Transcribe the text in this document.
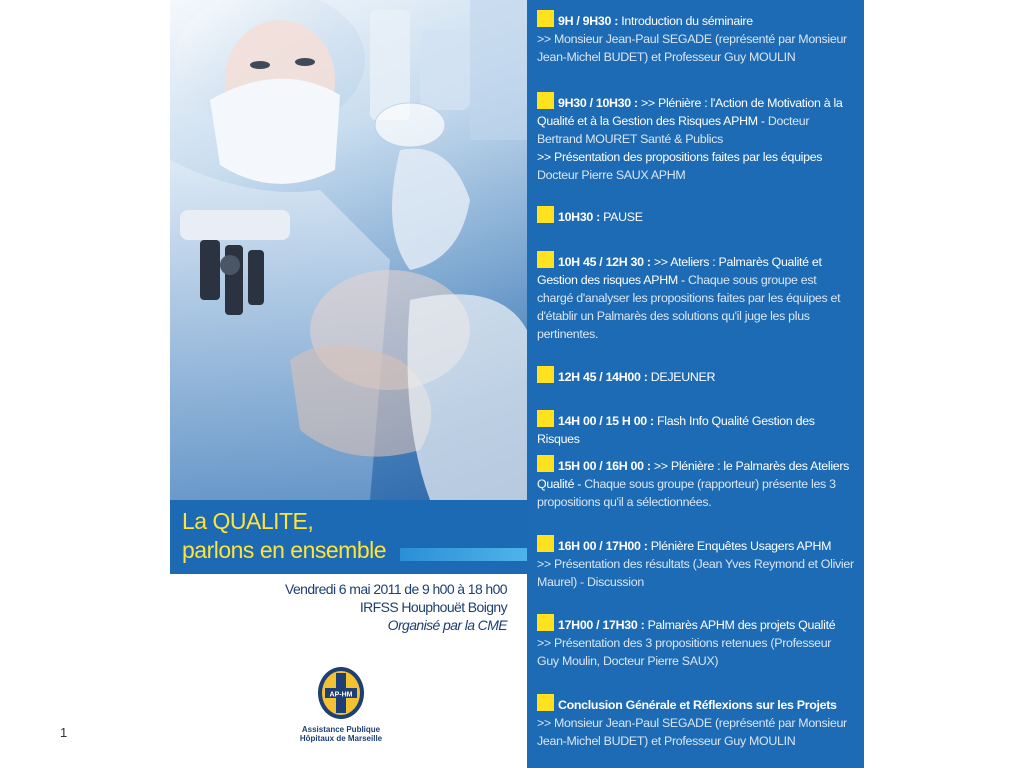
La QUALITE,
parlons en ensemble
Vendredi 6 mai 2011 de 9 h00 à 18 h00
IRFSS Houphouët Boigny
Organisé par la CME
AP-HM
Assistance Publique
Hôpitaux de Marseille

9H / 9H30 : Introduction du séminaire

>> Monsieur Jean-Paul SEGADE (représenté par Monsieur Jean-Michel BUDET) et Professeur Guy MOULIN

9H30 / 10H30 : >> Plénière : l'Action de Motivation à la Qualité et à la Gestion des Risques APHM - Docteur Bertrand MOURET Santé & Publics

>> Présentation des propositions faites par les équipes

Docteur Pierre SAUX APHM

10H30 : PAUSE

10H 45 / 12H 30 : >> Ateliers : Palmarès Qualité et Gestion des risques APHM - Chaque sous groupe est chargé d'analyser les propositions faites par les équipes et d'établir un Palmarès des solutions qu'il juge les plus pertinentes.

12H 45 / 14H00 : DEJEUNER

14H 00 / 15 H 00 : Flash Info Qualité Gestion des Risques

15H 00 / 16H 00 : >> Plénière : le Palmarès des Ateliers Qualité - Chaque sous groupe (rapporteur) présente les 3 propositions qu'il a sélectionnées.

16H 00 / 17H00 : Plénière Enquêtes Usagers APHM

>> Présentation des résultats (Jean Yves Reymond et Olivier Maurel) - Discussion

17H00 / 17H30 : Palmarès APHM des projets Qualité

>> Présentation des 3 propositions retenues (Professeur Guy Moulin, Docteur Pierre SAUX)

Conclusion Générale et Réflexions sur les Projets

>> Monsieur Jean-Paul SEGADE (représenté par Monsieur Jean-Michel BUDET) et Professeur Guy MOULIN

1
